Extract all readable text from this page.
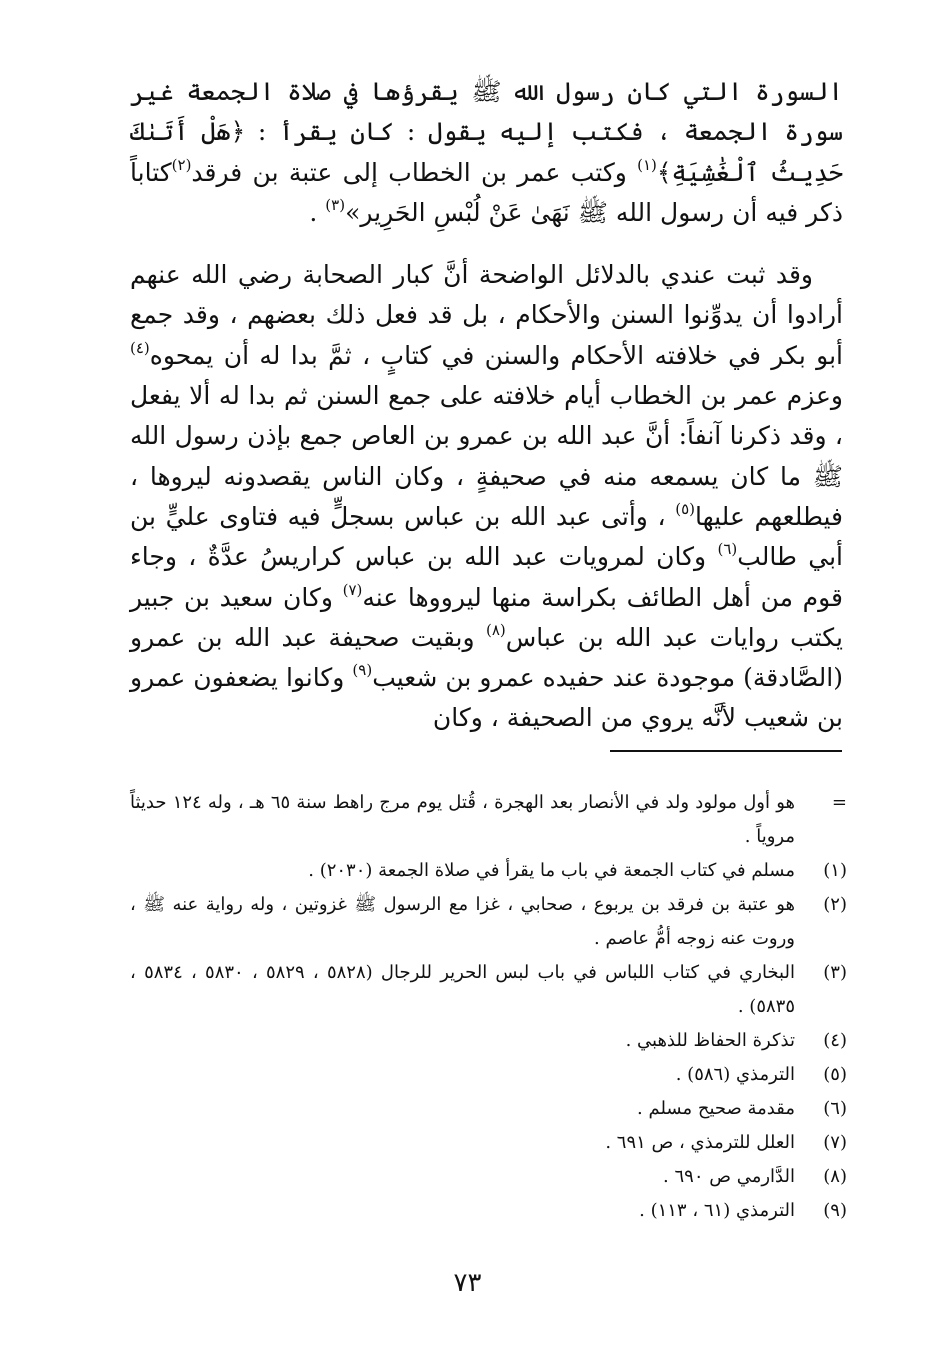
السورة التي كان رسول الله ﷺ يقرؤها في صلاة الجمعة غير سورة الجمعة ، فكتب إليه يقول : كان يقرأ : ﴿هَلْ أَتَىٰكَ حَدِيثُ ٱلْغَٰشِيَةِ﴾$^{(١)}$ وكتب عمر بن الخطاب إلى عتبة بن فرقد$^{(٢)}$كتاباً ذكر فيه أن رسول الله ﷺ نَهَىٰ عَنْ لُبْسِ الحَرِير»$^{(٣)}$ .

وقد ثبت عندي بالدلائل الواضحة أنَّ كبار الصحابة رضي الله عنهم أرادوا أن يدوِّنوا السنن والأحكام ، بل قد فعل ذلك بعضهم ، وقد جمع أبو بكر في خلافته الأحكام والسنن في كتابٍ ، ثمَّ بدا له أن يمحوه$^{(٤)}$ وعزم عمر بن الخطاب أيام خلافته على جمع السنن ثم بدا له ألا يفعل ، وقد ذكرنا آنفاً: أنَّ عبد الله بن عمرو بن العاص جمع بإذن رسول الله ﷺ ما كان يسمعه منه في صحيفةٍ ، وكان الناس يقصدونه ليروها ، فيطلعهم عليها$^{(٥)}$ ، وأتى عبد الله بن عباس بسجلٍّ فيه فتاوى عليٍّ بن أبي طالب$^{(٦)}$ وكان لمرويات عبد الله بن عباس كراريسُ عدَّةٌ ، وجاء قوم من أهل الطائف بكراسة منها ليرووها عنه$^{(٧)}$ وكان سعيد بن جبير يكتب روايات عبد الله بن عباس$^{(٨)}$ وبقيت صحيفة عبد الله بن عمرو (الصَّادقة) موجودة عند حفيده عمرو بن شعيب$^{(٩)}$ وكانوا يضعفون عمرو بن شعيب لأنَّه يروي من الصحيفة ، وكان

=
هو أول مولود ولد في الأنصار بعد الهجرة ، قُتل يوم مرج راهط سنة ٦٥ هـ ، وله ١٢٤ حديثاً مروياً .
(١)
مسلم في كتاب الجمعة في باب ما يقرأ في صلاة الجمعة (٢٠٣٠) .
(٢)
هو عتبة بن فرقد بن يربوع ، صحابي ، غزا مع الرسول ﷺ غزوتين ، وله رواية عنه ﷺ ، وروت عنه زوجه أمُّ عاصم .
(٣)
البخاري في كتاب اللباس في باب لبس الحرير للرجال (٥٨٢٨ ، ٥٨٢٩ ، ٥٨٣٠ ، ٥٨٣٤ ، ٥٨٣٥) .
(٤)
تذكرة الحفاظ للذهبي .
(٥)
الترمذي (٥٨٦) .
(٦)
مقدمة صحيح مسلم .
(٧)
العلل للترمذي ، ص ٦٩١ .
(٨)
الدَّارمي ص ٦٩٠ .
(٩)
الترمذي (٦١ ، ١١٣) .
٧٣
